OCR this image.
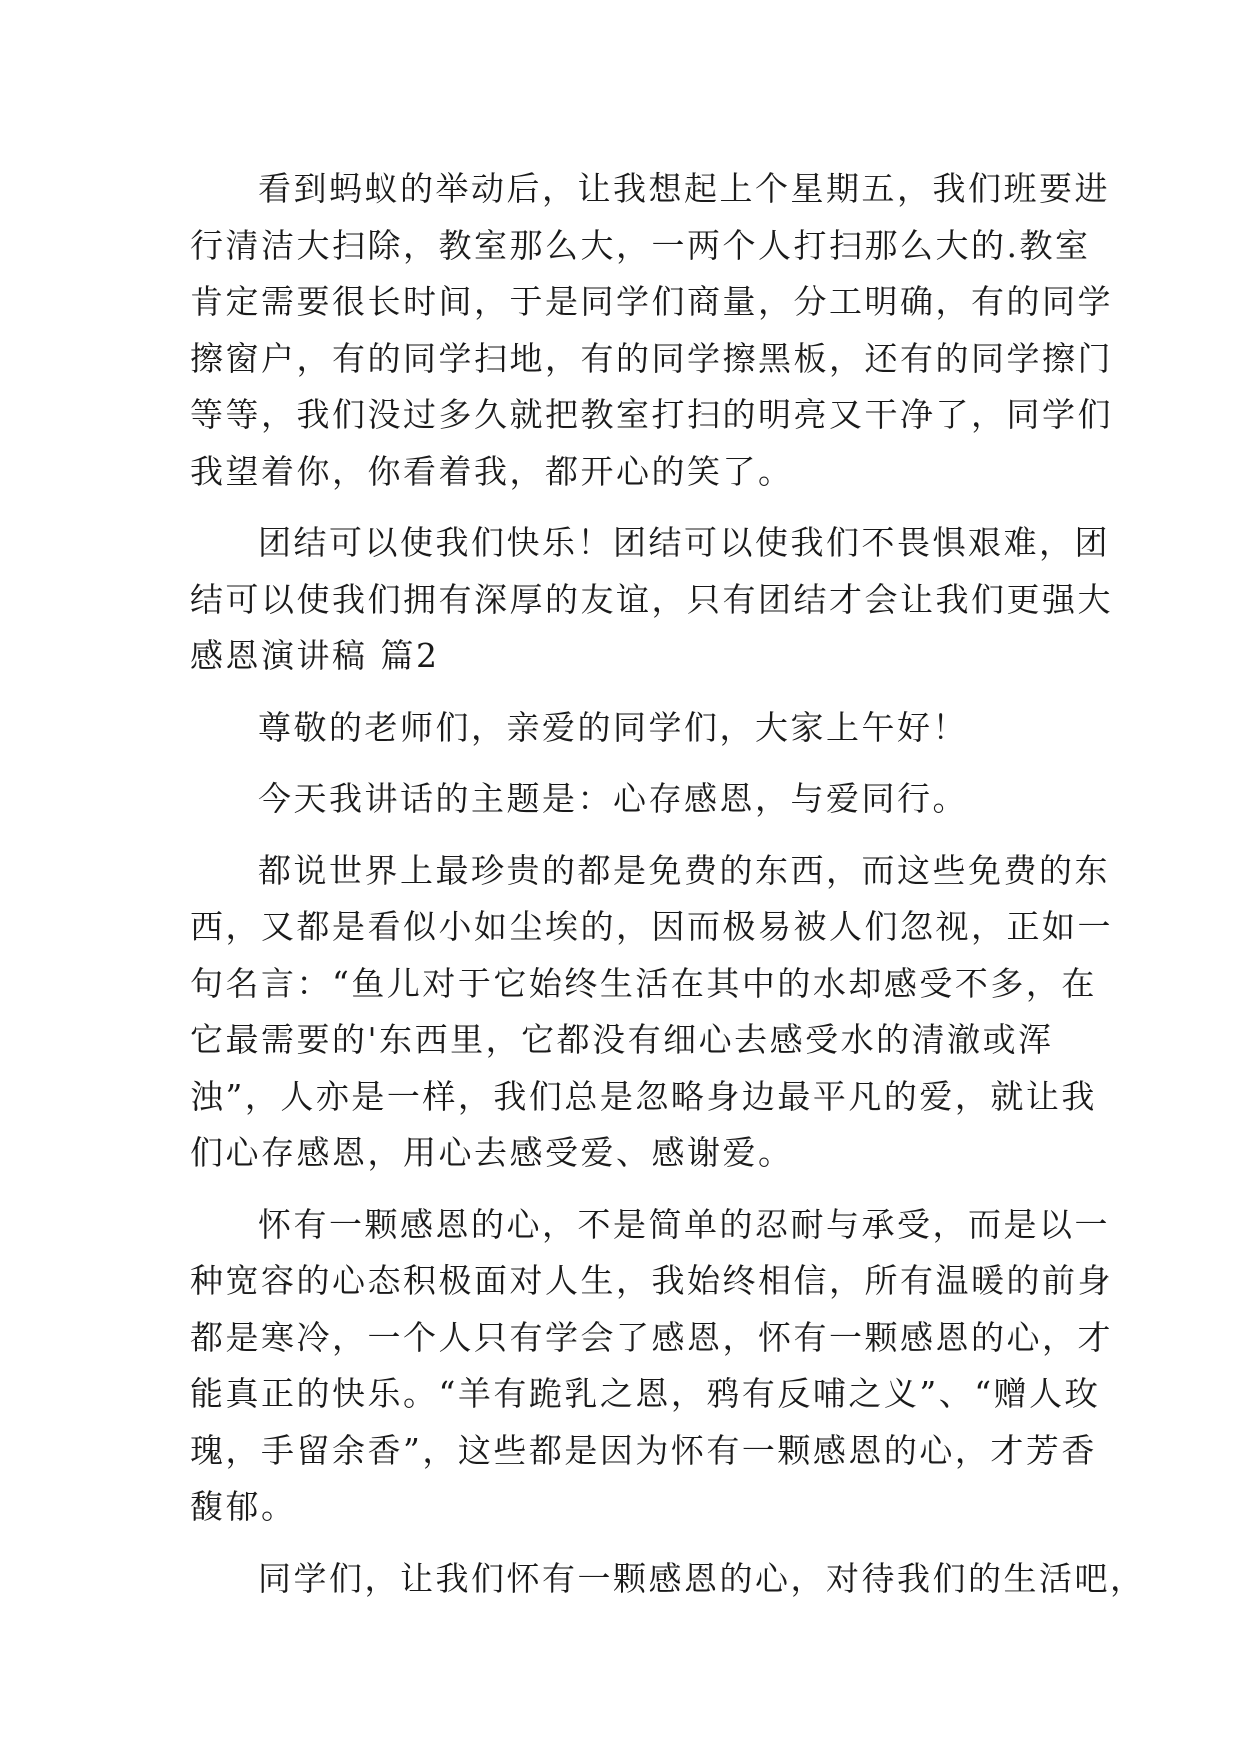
看到蚂蚁的举动后，让我想起上个星期五，我们班要进
行清洁大扫除，教室那么大，一两个人打扫那么大的.教室
肯定需要很长时间，于是同学们商量，分工明确，有的同学
擦窗户，有的同学扫地，有的同学擦黑板，还有的同学擦门
等等，我们没过多久就把教室打扫的明亮又干净了，同学们
我望着你，你看着我，都开心的笑了。
团结可以使我们快乐！团结可以使我们不畏惧艰难，团
结可以使我们拥有深厚的友谊，只有团结才会让我们更强大
感恩演讲稿 篇2
尊敬的老师们，亲爱的同学们，大家上午好！
今天我讲话的主题是：心存感恩，与爱同行。
都说世界上最珍贵的都是免费的东西，而这些免费的东
西，又都是看似小如尘埃的，因而极易被人们忽视，正如一
句名言：“鱼儿对于它始终生活在其中的水却感受不多，在
它最需要的'东西里，它都没有细心去感受水的清澈或浑
浊”，人亦是一样，我们总是忽略身边最平凡的爱，就让我
们心存感恩，用心去感受爱、感谢爱。
怀有一颗感恩的心，不是简单的忍耐与承受，而是以一
种宽容的心态积极面对人生，我始终相信，所有温暖的前身
都是寒冷，一个人只有学会了感恩，怀有一颗感恩的心，才
能真正的快乐。“羊有跪乳之恩，鸦有反哺之义”、“赠人玫
瑰，手留余香”，这些都是因为怀有一颗感恩的心，才芳香
馥郁。
同学们，让我们怀有一颗感恩的心，对待我们的生活吧，
